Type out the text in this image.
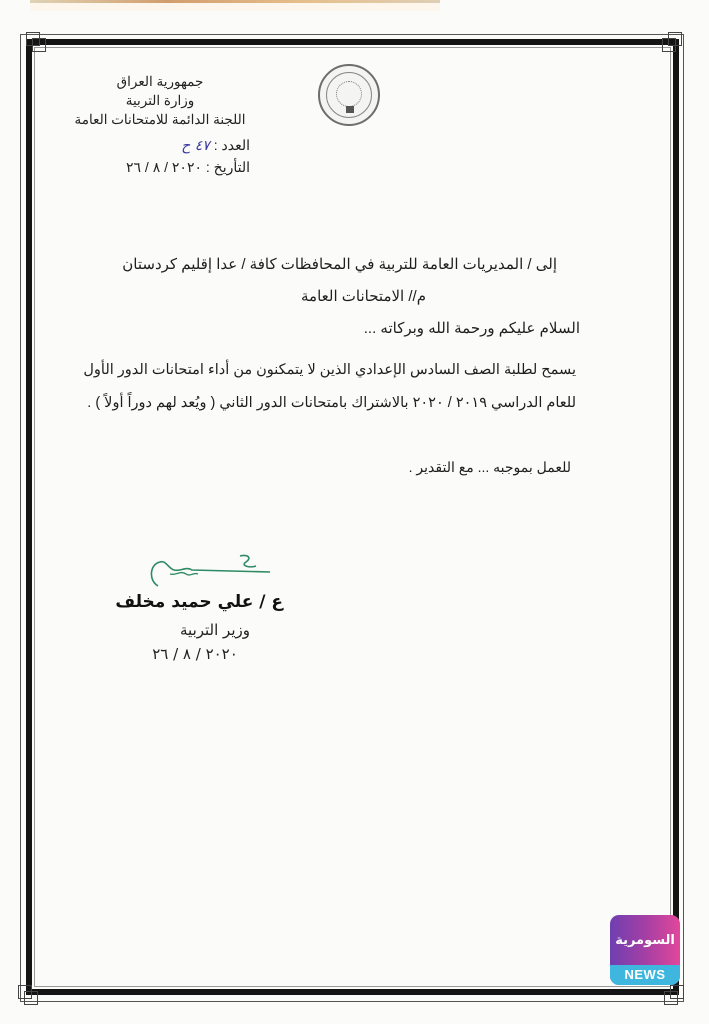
جمهورية العراق
وزارة التربية
اللجنة الدائمة للامتحانات العامة
العدد : ٤٧ ح
التأريخ : ٢٠٢٠ / ٨ / ٢٦
إلى / المديريات العامة للتربية في المحافظات كافة / عدا إقليم كردستان
م// الامتحانات العامة
السلام عليكم ورحمة الله وبركاته ...
يسمح لطلبة الصف السادس الإعدادي الذين لا يتمكنون من أداء امتحانات الدور الأول
للعام الدراسي ٢٠١٩ / ٢٠٢٠ بالاشتراك بامتحانات الدور الثاني ( ويُعد لهم دوراً أولاً ) .
للعمل بموجبه ... مع التقدير .
ع / علي حميد مخلف
وزير التربية
٢٠٢٠ / ٨ / ٢٦
السومرية
NEWS
